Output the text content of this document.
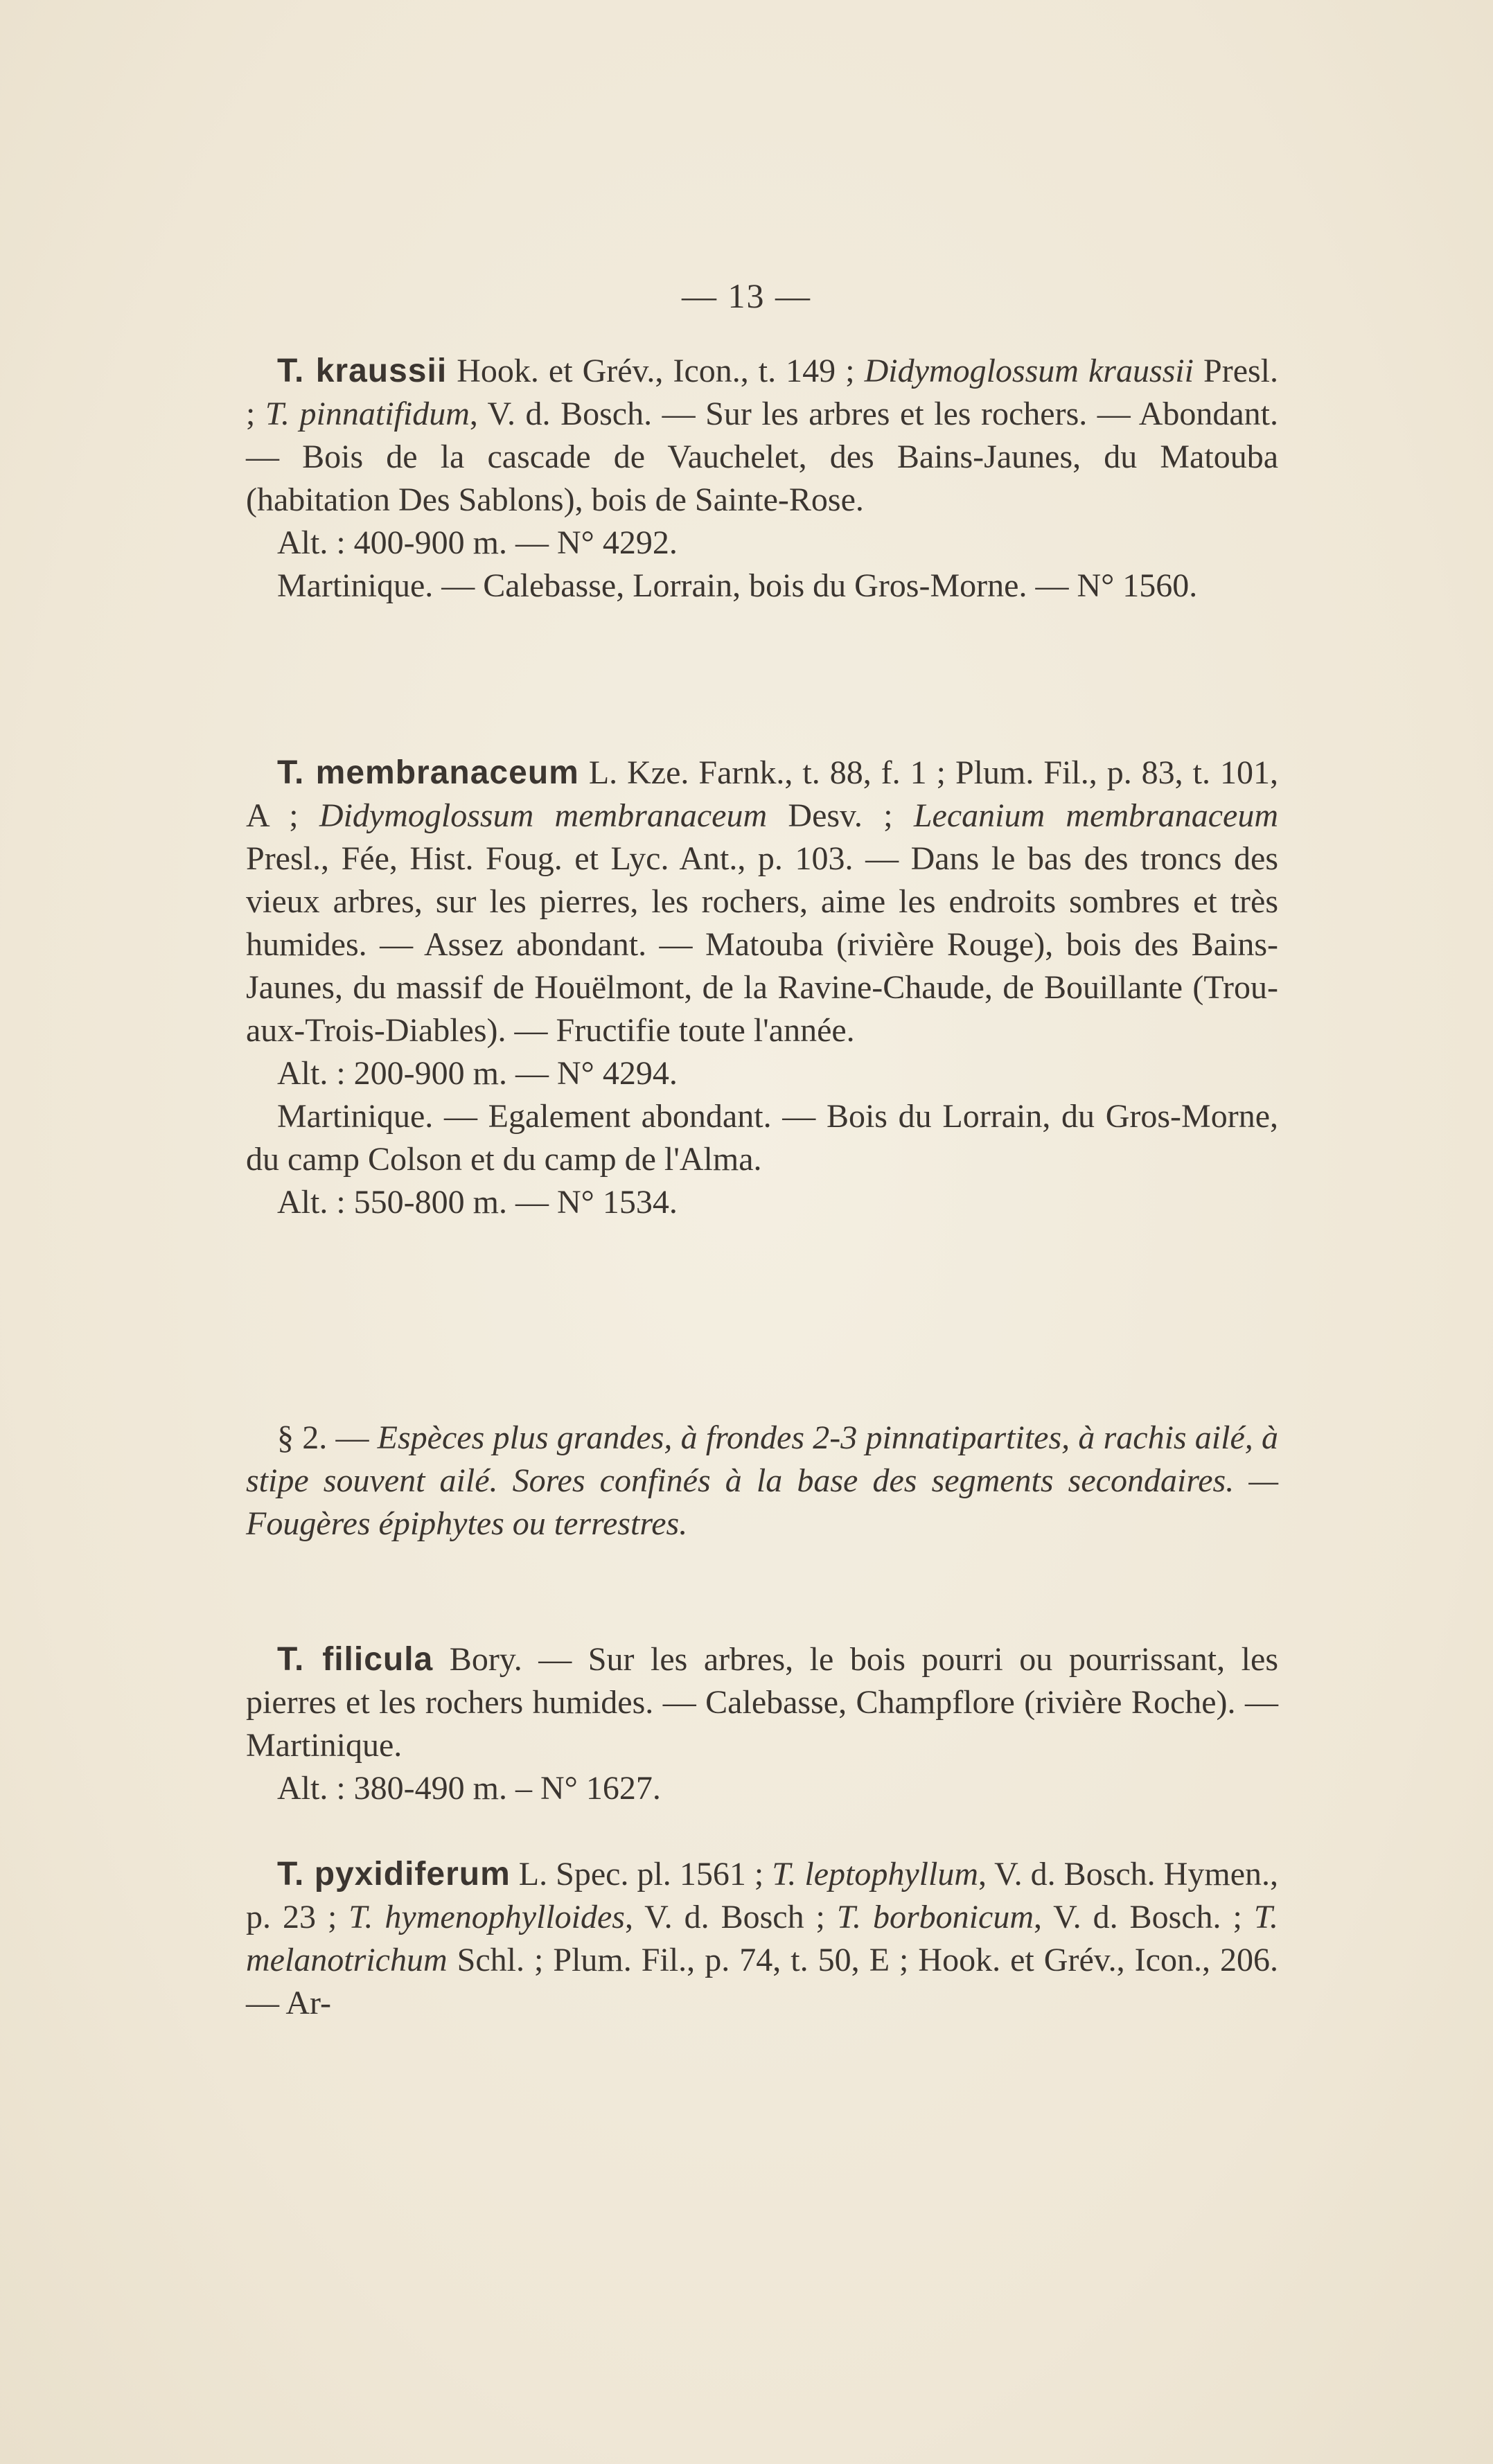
— 13 —

T. kraussii Hook. et Grév., Icon., t. 149 ; Didymoglossum kraussii Presl. ; T. pinnatifidum, V. d. Bosch. — Sur les arbres et les rochers. — Abondant. — Bois de la cascade de Vauchelet, des Bains-Jaunes, du Matouba (habitation Des Sablons), bois de Sainte-Rose.

Alt. : 400-900 m. — N° 4292.

Martinique. — Calebasse, Lorrain, bois du Gros-Morne. — N° 1560.

T. membranaceum L. Kze. Farnk., t. 88, f. 1 ; Plum. Fil., p. 83, t. 101, A ; Didymoglossum membranaceum Desv. ; Lecanium membranaceum Presl., Fée, Hist. Foug. et Lyc. Ant., p. 103. — Dans le bas des troncs des vieux arbres, sur les pierres, les rochers, aime les endroits sombres et très humides. — Assez abondant. — Matouba (rivière Rouge), bois des Bains-Jaunes, du massif de Houëlmont, de la Ravine-Chaude, de Bouillante (Trou-aux-Trois-Diables). — Fructifie toute l'année.

Alt. : 200-900 m. — N° 4294.

Martinique. — Egalement abondant. — Bois du Lorrain, du Gros-Morne, du camp Colson et du camp de l'Alma.

Alt. : 550-800 m. — N° 1534.

§ 2. — Espèces plus grandes, à frondes 2-3 pinnatipartites, à rachis ailé, à stipe souvent ailé. Sores confinés à la base des segments secondaires. — Fougères épiphytes ou terrestres.

T. filicula Bory. — Sur les arbres, le bois pourri ou pourrissant, les pierres et les rochers humides. — Calebasse, Champflore (rivière Roche). — Martinique.

Alt. : 380-490 m. – N° 1627.

T. pyxidiferum L. Spec. pl. 1561 ; T. leptophyllum, V. d. Bosch. Hymen., p. 23 ; T. hymenophylloides, V. d. Bosch ; T. borbonicum, V. d. Bosch. ; T. melanotrichum Schl. ; Plum. Fil., p. 74, t. 50, E ; Hook. et Grév., Icon., 206. — Ar-
